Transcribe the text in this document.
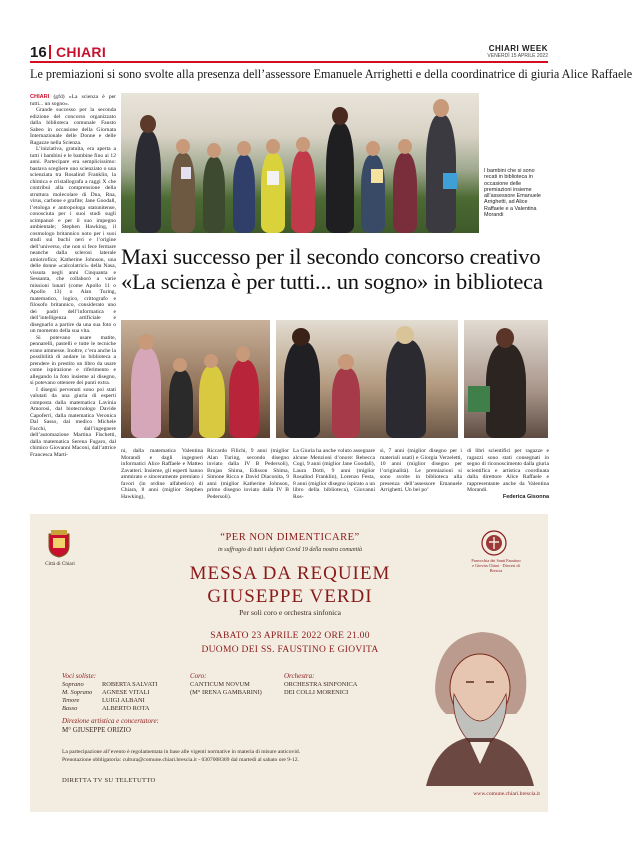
16 CHIARI	CHIARI WEEK
VENERDÌ 15 APRILE 2022
Le premiazioni si sono svolte alla presenza dell’assessore Emanuele Arrighetti e della coordinatrice di giuria Alice Raffaele

CHIARI (gfd) «La scienza è per tutti... un sogno».

Grande successo per la seconda edizione del concorso organizzato dalla biblioteca comunale Fausto Sabeo in occasione della Giornata Internazionale delle Donne e delle Ragazze nella Scienza.

L’iniziativa, gratuita, era aperta a tutti i bambini e le bambine fino ai 12 anni. Partecipare era semplicissimo: bastava scegliere uno scienziato o una scienziata tra Rosalind Franklin, la chimica e cristallografa a raggi X che contribuì alla comprensione della struttura molecolare di Dna, Rna, virus, carbone e grafite; Jane Goodall, l’etologa e antropologa statunitense, conosciuta per i suoi studi sugli scimpanzé e per il suo impegno ambientale; Stephen Hawking, il cosmologo britannico noto per i suoi studi sui buchi neri e l’origine dell’universo, che non si fece fermare neanche dalla sclerosi laterale amiotrofica; Katherine Johnson, una delle donne «calcolatrici» della Nasa, vissuta negli anni Cinquanta e Sessanta, che collaborò a varie missioni lunari (come Apollo 11 o Apollo 13) o Alan Turing, matematico, logico, crittografo e filosofo britannico, considerato uno dei padri dell’informatica e dell’intelligenza artificiale e disegnarlo a partire da una sua foto o un momento della sua vita.

Si potevano usare matite, pennarelli, pastelli e tutte le tecniche erano ammesse. Inoltre, c’era anche la possibilità di andare in biblioteca a prendere in prestito un libro da usare come ispirazione e riferimento e allegando la foto insieme al disegno, si potevano ottenere dei punti extra.

I disegni pervenuti sono poi stati valutati da una giuria di esperti composta dalla matematica Lavinia Amorosi, dal biotecnologo Davide Capoferri, dalla matematica Veronica Dal Sasso, dal medico Michele Facchi, dall’ingegnere dell’automazione Martina Fischetti, dalla matematica Serena Fugaro, dal chimico Giovanni Maconi, dall’attrice Francesca Marti-

I bambini che si sono recati in biblioteca in occasione delle premiazioni insieme all’assessore Emanuele Arrighetti, ad Alice Raffaele e a Valentina Morandi
Maxi successo per il secondo concorso creativo
«La scienza è per tutti... un sogno» in biblioteca

ni, dalla matematica Valentina Morandi e dagli ingegneri informatici Alice Raffaele e Matteo Zavatteri. Insieme, gli esperti hanno ammirato e sinceramente premiato i favori (in ordine alfabetico) di Chiara, 8 anni (miglior Stephen Hawking),

Riccardo Filichi, 9 anni (miglior Alan Turing, secondo disegno inviato dalla IV B Pedersoli), Brujan Shima, Edisson Shima, Simone Ricca e David Diaconita, 9 anni (miglior Katherine Johnson, primo disegno inviato dalla IV B Pedersoli).

La Giuria ha anche voluto assegnare alcune Menzioni d’onore: Rebecca Cogi, 9 anni (miglior Jane Goodall), Laura Dotti, 9 anni (miglior Rosalind Franklin), Lorenzo Festa, 8 anni (miglior disegno ispirato a un libro della biblioteca), Giovanni Ros-

si, 7 anni (miglior disegno per i materiali usati) e Giorgia Verzeletti, 10 anni (miglior disegno per l’originalità). Le premiazioni si sono svolte in biblioteca alla presenza dell’assessore Emanuele Arrighetti. Un bel po’

di libri scientifici per ragazze e ragazzi sono stati consegnati in segno di riconoscimento dalla giuria scientifica e artistica coordinata dalla direttore Alice Raffaele e rappresentante anche da Valentina Morandi.

Federica Gisonna
Città di Chiari
Parrocchia dei Santi Faustino e Giovita Chiari · Diocesi di Brescia
“PER NON DIMENTICARE”
in suffragio di tutti i defunti Covid 19 della nostra comunità
MESSA DA REQUIEM
GIUSEPPE VERDI
Per soli coro e orchestra sinfonica
SABATO 23 APRILE 2022 ORE 21.00
DUOMO DEI SS. FAUSTINO E GIOVITA
Voci soliste:
Soprano	ROBERTA SALVATI
M. Soprano AGNESE VITALI
Tenore	LUIGI ALBANI
Basso	ALBERTO ROTA
Coro:
CANTICUM NOVUM
(M° IRENA GAMBARINI)
Orchestra:
ORCHESTRA SINFONICA
DEI COLLI MORENICI
Direzione artistica e concertatore:
M° GIUSEPPE ORIZIO
La partecipazione all’evento è regolamentata in base alle vigenti normative in materia di misure anticovid.
Prenotazione obbligatoria: cultura@comune.chiari.brescia.it - 0307008369 dal martedì al sabato ore 9-12.
DIRETTA TV SU TELETUTTO
www.comune.chiari.brescia.it
